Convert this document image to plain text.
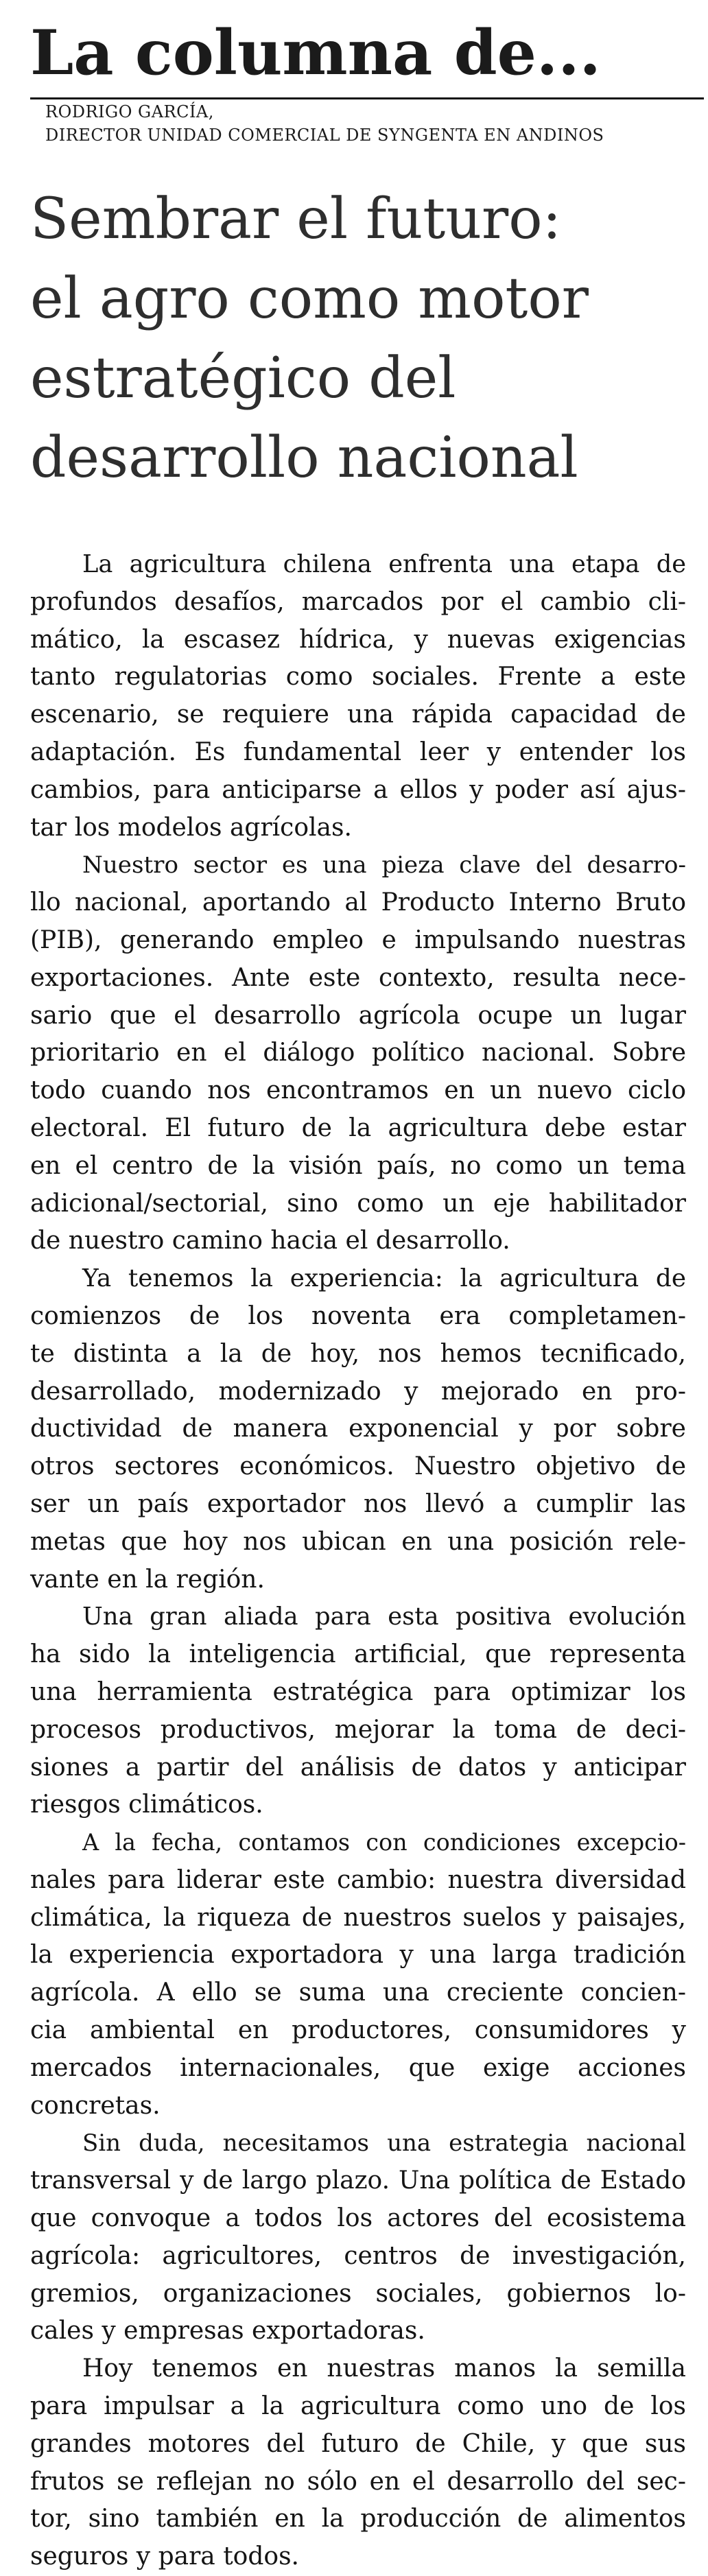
La columna de...
RODRIGO GARCÍA,
DIRECTOR UNIDAD COMERCIAL DE SYNGENTA EN ANDINOS
Sembrar el futuro:
el agro como motor
estratégico del
desarrollo nacional
La agricultura chilena enfrenta una etapa de
profundos desafíos, marcados por el cambio cli-
mático, la escasez hídrica, y nuevas exigencias
tanto regulatorias como sociales. Frente a este
escenario, se requiere una rápida capacidad de
adaptación. Es fundamental leer y entender los
cambios, para anticiparse a ellos y poder así ajus-
tar los modelos agrícolas.
Nuestro sector es una pieza clave del desarro-
llo nacional, aportando al Producto Interno Bruto
(PIB), generando empleo e impulsando nuestras
exportaciones. Ante este contexto, resulta nece-
sario que el desarrollo agrícola ocupe un lugar
prioritario en el diálogo político nacional. Sobre
todo cuando nos encontramos en un nuevo ciclo
electoral. El futuro de la agricultura debe estar
en el centro de la visión país, no como un tema
adicional/sectorial, sino como un eje habilitador
de nuestro camino hacia el desarrollo.
Ya tenemos la experiencia: la agricultura de
comienzos de los noventa era completamen-
te distinta a la de hoy, nos hemos tecnificado,
desarrollado, modernizado y mejorado en pro-
ductividad de manera exponencial y por sobre
otros sectores económicos. Nuestro objetivo de
ser un país exportador nos llevó a cumplir las
metas que hoy nos ubican en una posición rele-
vante en la región.
Una gran aliada para esta positiva evolución
ha sido la inteligencia artificial, que representa
una herramienta estratégica para optimizar los
procesos productivos, mejorar la toma de deci-
siones a partir del análisis de datos y anticipar
riesgos climáticos.
A la fecha, contamos con condiciones excepcio-
nales para liderar este cambio: nuestra diversidad
climática, la riqueza de nuestros suelos y paisajes,
la experiencia exportadora y una larga tradición
agrícola. A ello se suma una creciente concien-
cia ambiental en productores, consumidores y
mercados internacionales, que exige acciones
concretas.
Sin duda, necesitamos una estrategia nacional
transversal y de largo plazo. Una política de Estado
que convoque a todos los actores del ecosistema
agrícola: agricultores, centros de investigación,
gremios, organizaciones sociales, gobiernos lo-
cales y empresas exportadoras.
Hoy tenemos en nuestras manos la semilla
para impulsar a la agricultura como uno de los
grandes motores del futuro de Chile, y que sus
frutos se reflejan no sólo en el desarrollo del sec-
tor, sino también en la producción de alimentos
seguros y para todos.
